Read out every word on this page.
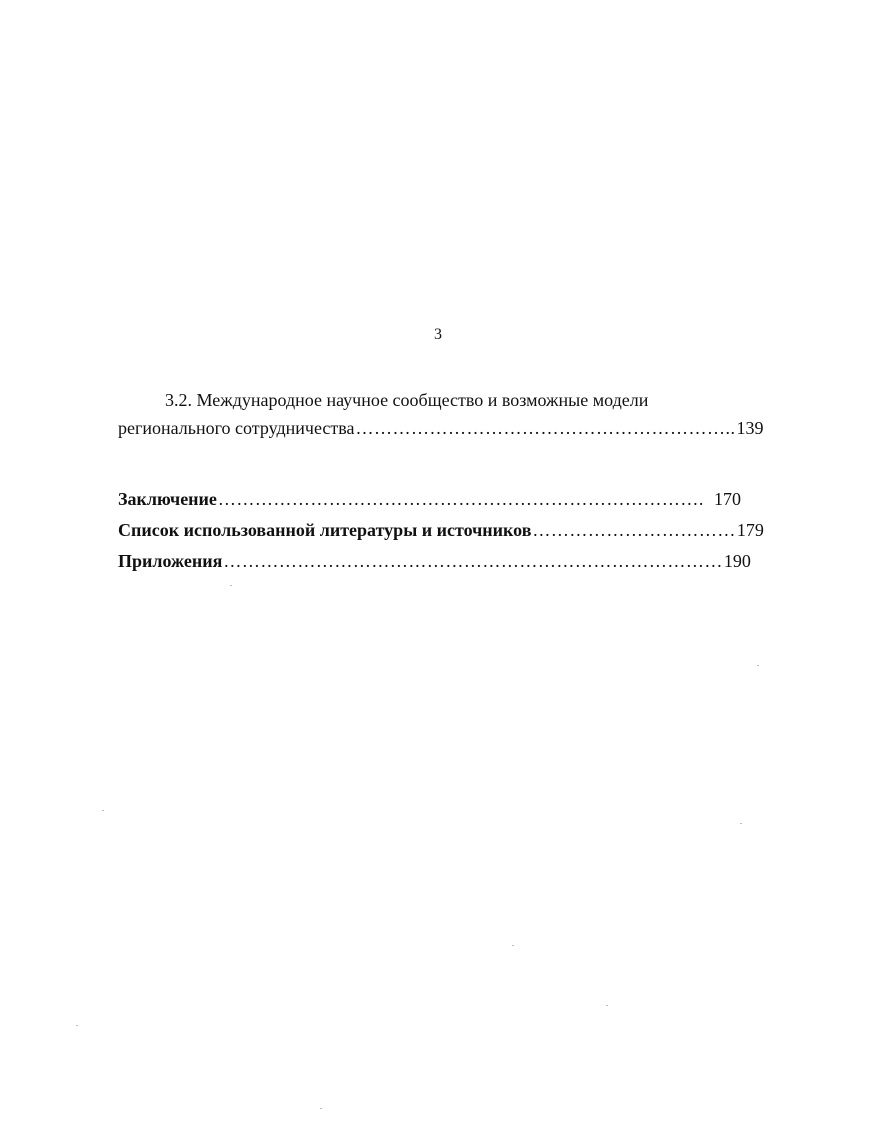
3
3.2. Международное научное сообщество и возможные модели
регионального сотрудничества …………………………………………………….. 139
Заключение ……………………………………………………………………. 170
Список использованной литературы и источников …………………………… 179
Приложения ……………………………………………………………………… 190
